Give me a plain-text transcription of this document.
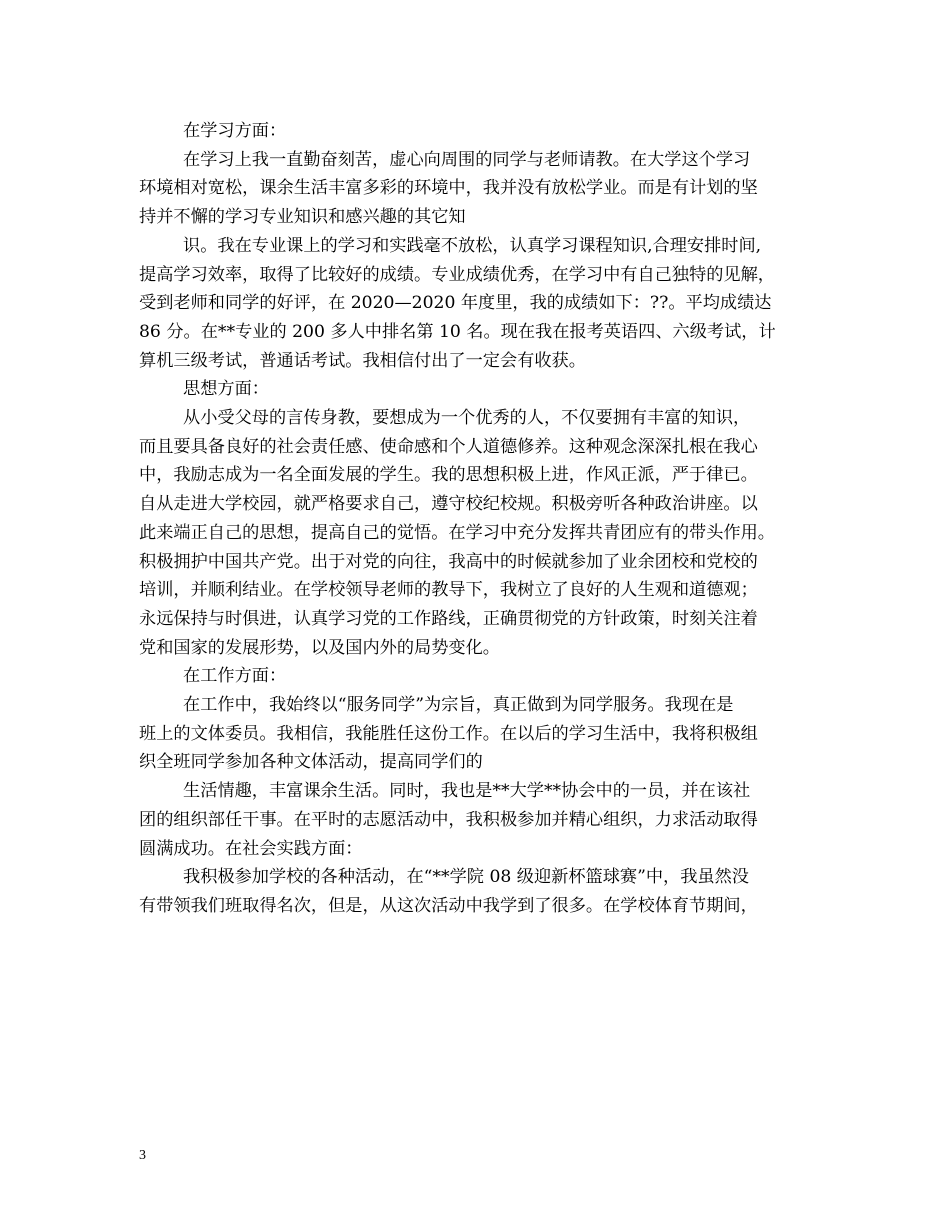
在学习方面：

在学习上我一直勤奋刻苦，虚心向周围的同学与老师请教。在大学这个学习
环境相对宽松，课余生活丰富多彩的环境中，我并没有放松学业。而是有计划的坚
持并不懈的学习专业知识和感兴趣的其它知

识。我在专业课上的学习和实践毫不放松，认真学习课程知识,合理安排时间,
提高学习效率，取得了比较好的成绩。专业成绩优秀，在学习中有自己独特的见解，
受到老师和同学的好评，在 2020—2020 年度里，我的成绩如下：??。平均成绩达
86 分。在**专业的 200 多人中排名第 10 名。现在我在报考英语四、六级考试，计
算机三级考试，普通话考试。我相信付出了一定会有收获。

思想方面：

从小受父母的言传身教，要想成为一个优秀的人，不仅要拥有丰富的知识，
而且要具备良好的社会责任感、使命感和个人道德修养。这种观念深深扎根在我心
中，我励志成为一名全面发展的学生。我的思想积极上进，作风正派，严于律已。
自从走进大学校园，就严格要求自己，遵守校纪校规。积极旁听各种政治讲座。以
此来端正自己的思想，提高自己的觉悟。在学习中充分发挥共青团应有的带头作用。
积极拥护中国共产党。出于对党的向往，我高中的时候就参加了业余团校和党校的
培训，并顺利结业。在学校领导老师的教导下，我树立了良好的人生观和道德观；
永远保持与时俱进，认真学习党的工作路线，正确贯彻党的方针政策，时刻关注着
党和国家的发展形势，以及国内外的局势变化。

在工作方面：

在工作中，我始终以“服务同学”为宗旨，真正做到为同学服务。我现在是
班上的文体委员。我相信，我能胜任这份工作。在以后的学习生活中，我将积极组
织全班同学参加各种文体活动，提高同学们的

生活情趣，丰富课余生活。同时，我也是**大学**协会中的一员，并在该社
团的组织部任干事。在平时的志愿活动中，我积极参加并精心组织，力求活动取得
圆满成功。在社会实践方面：

我积极参加学校的各种活动，在“**学院 08 级迎新杯篮球赛”中，我虽然没
有带领我们班取得名次，但是，从这次活动中我学到了很多。在学校体育节期间，

3
